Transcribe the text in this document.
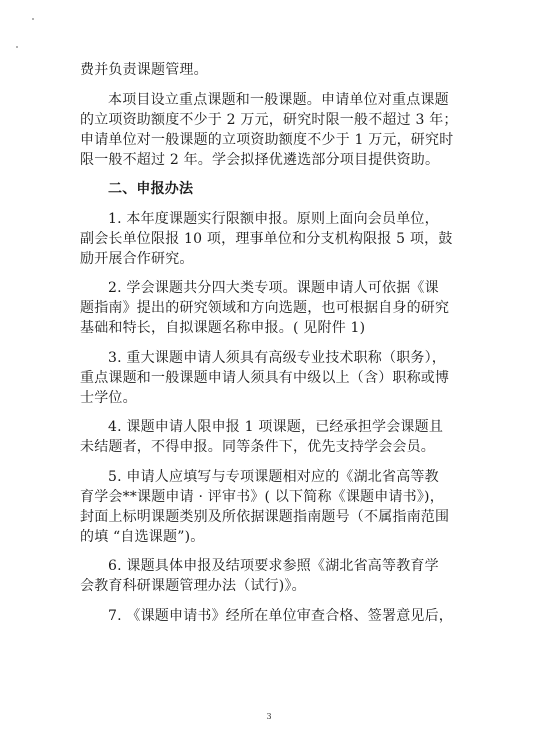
费并负责课题管理。
本项目设立重点课题和一般课题。申请单位对重点课题
的立项资助额度不少于 2 万元，研究时限一般不超过 3 年；
申请单位对一般课题的立项资助额度不少于 1 万元，研究时
限一般不超过 2 年。学会拟择优遴选部分项目提供资助。
二、申报办法
1. 本年度课题实行限额申报。原则上面向会员单位，
副会长单位限报 10 项，理事单位和分支机构限报 5 项，鼓
励开展合作研究。
2. 学会课题共分四大类专项。课题申请人可依据《课
题指南》提出的研究领域和方向选题，也可根据自身的研究
基础和特长，自拟课题名称申报。( 见附件 1)
3. 重大课题申请人须具有高级专业技术职称（职务），
重点课题和一般课题申请人须具有中级以上（含）职称或博
士学位。
4. 课题申请人限申报 1 项课题，已经承担学会课题且
未结题者，不得申报。同等条件下，优先支持学会会员。
5. 申请人应填写与专项课题相对应的《湖北省高等教
育学会**课题申请 · 评审书》( 以下简称《课题申请书》)，
封面上标明课题类别及所依据课题指南题号（不属指南范围
的填 “自选课题”)。
6. 课题具体申报及结项要求参照《湖北省高等教育学
会教育科研课题管理办法（试行)》。
7. 《课题申请书》经所在单位审查合格、签署意见后，
3
